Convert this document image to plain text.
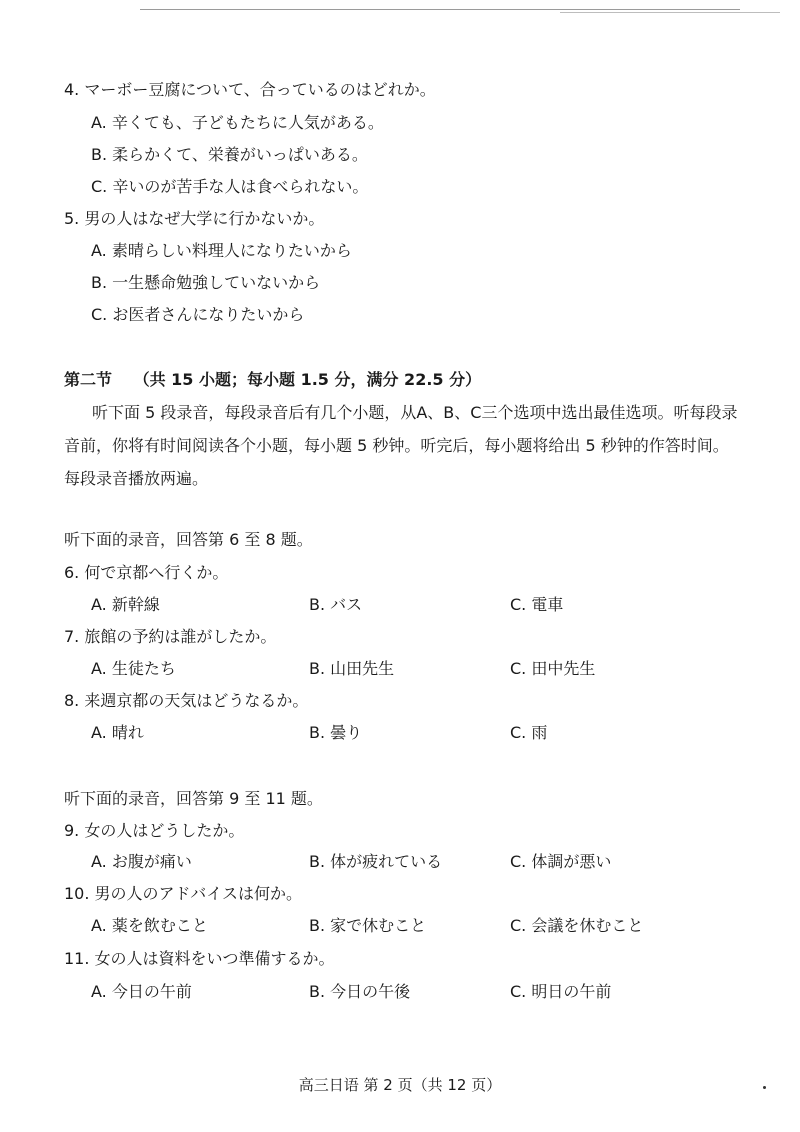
4. マーボー豆腐について、合っているのはどれか。
A. 辛くても、子どもたちに人気がある。
B. 柔らかくて、栄養がいっぱいある。
C. 辛いのが苦手な人は食べられない。
5. 男の人はなぜ大学に行かないか。
A. 素晴らしい料理人になりたいから
B. 一生懸命勉強していないから
C. お医者さんになりたいから
第二节 （共 15 小题；每小题 1.5 分，满分 22.5 分）
听下面 5 段录音，每段录音后有几个小题，从A、B、C三个选项中选出最佳选项。听每段录音前，你将有时间阅读各个小题，每小题 5 秒钟。听完后，每小题将给出 5 秒钟的作答时间。每段录音播放两遍。
听下面的录音，回答第 6 至 8 题。
6. 何で京都へ行くか。
A. 新幹線	B. バス	C. 電車
7. 旅館の予約は誰がしたか。
A. 生徒たち	B. 山田先生	C. 田中先生
8. 来週京都の天気はどうなるか。
A. 晴れ	B. 曇り	C. 雨
听下面的录音，回答第 9 至 11 题。
9. 女の人はどうしたか。
A. お腹が痛い	B. 体が疲れている	C. 体調が悪い
10. 男の人のアドバイスは何か。
A. 薬を飲むこと	B. 家で休むこと	C. 会議を休むこと
11. 女の人は資料をいつ準備するか。
A. 今日の午前	B. 今日の午後	C. 明日の午前
高三日语 第 2 页（共 12 页）
